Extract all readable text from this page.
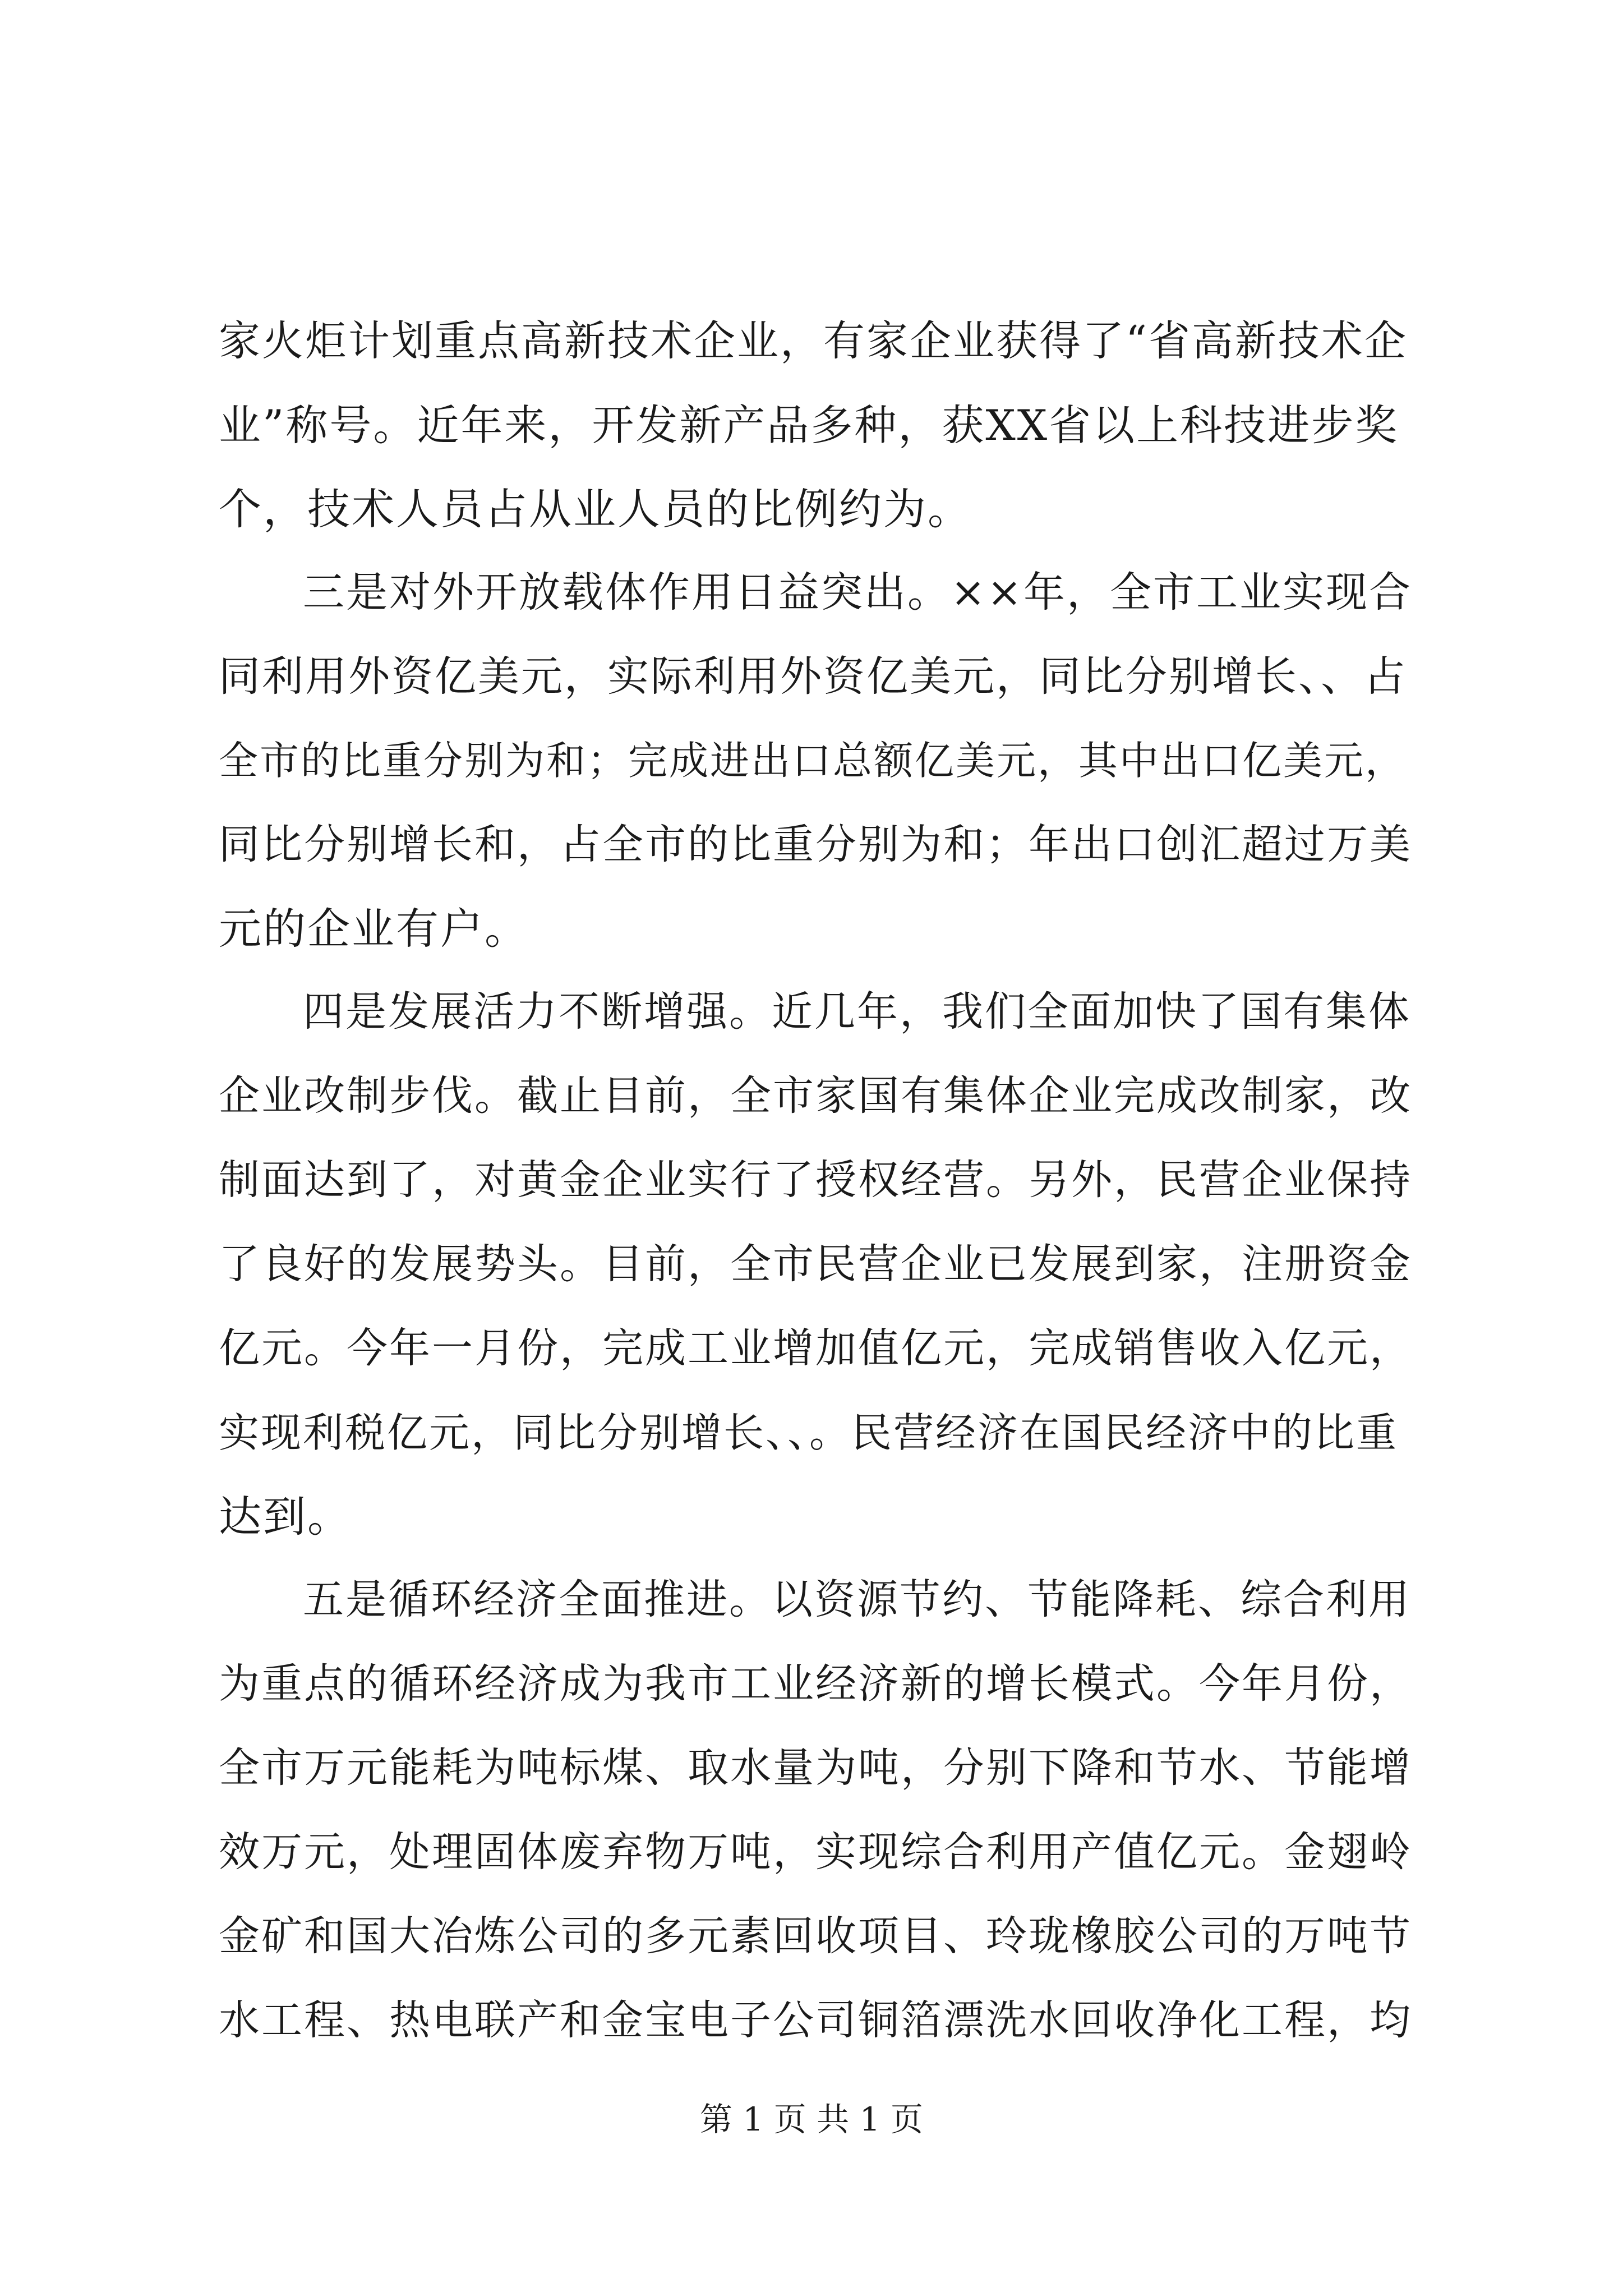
家火炬计划重点高新技术企业，有家企业获得了“省高新技术企
业”称号。近年来，开发新产品多种，获XX省以上科技进步奖
个，技术人员占从业人员的比例约为。
三是对外开放载体作用日益突出。××年，全市工业实现合
同利用外资亿美元，实际利用外资亿美元，同比分别增长、、占
全市的比重分别为和；完成进出口总额亿美元，其中出口亿美元，
同比分别增长和，占全市的比重分别为和；年出口创汇超过万美
元的企业有户。
四是发展活力不断增强。近几年，我们全面加快了国有集体
企业改制步伐。截止目前，全市家国有集体企业完成改制家，改
制面达到了，对黄金企业实行了授权经营。另外，民营企业保持
了良好的发展势头。目前，全市民营企业已发展到家，注册资金
亿元。今年一月份，完成工业增加值亿元，完成销售收入亿元，
实现利税亿元，同比分别增长、、。民营经济在国民经济中的比重
达到。
五是循环经济全面推进。以资源节约、节能降耗、综合利用
为重点的循环经济成为我市工业经济新的增长模式。今年月份，
全市万元能耗为吨标煤、取水量为吨，分别下降和节水、节能增
效万元，处理固体废弃物万吨，实现综合利用产值亿元。金翅岭
金矿和国大冶炼公司的多元素回收项目、玲珑橡胶公司的万吨节
水工程、热电联产和金宝电子公司铜箔漂洗水回收净化工程，均
第 1 页 共 1 页
